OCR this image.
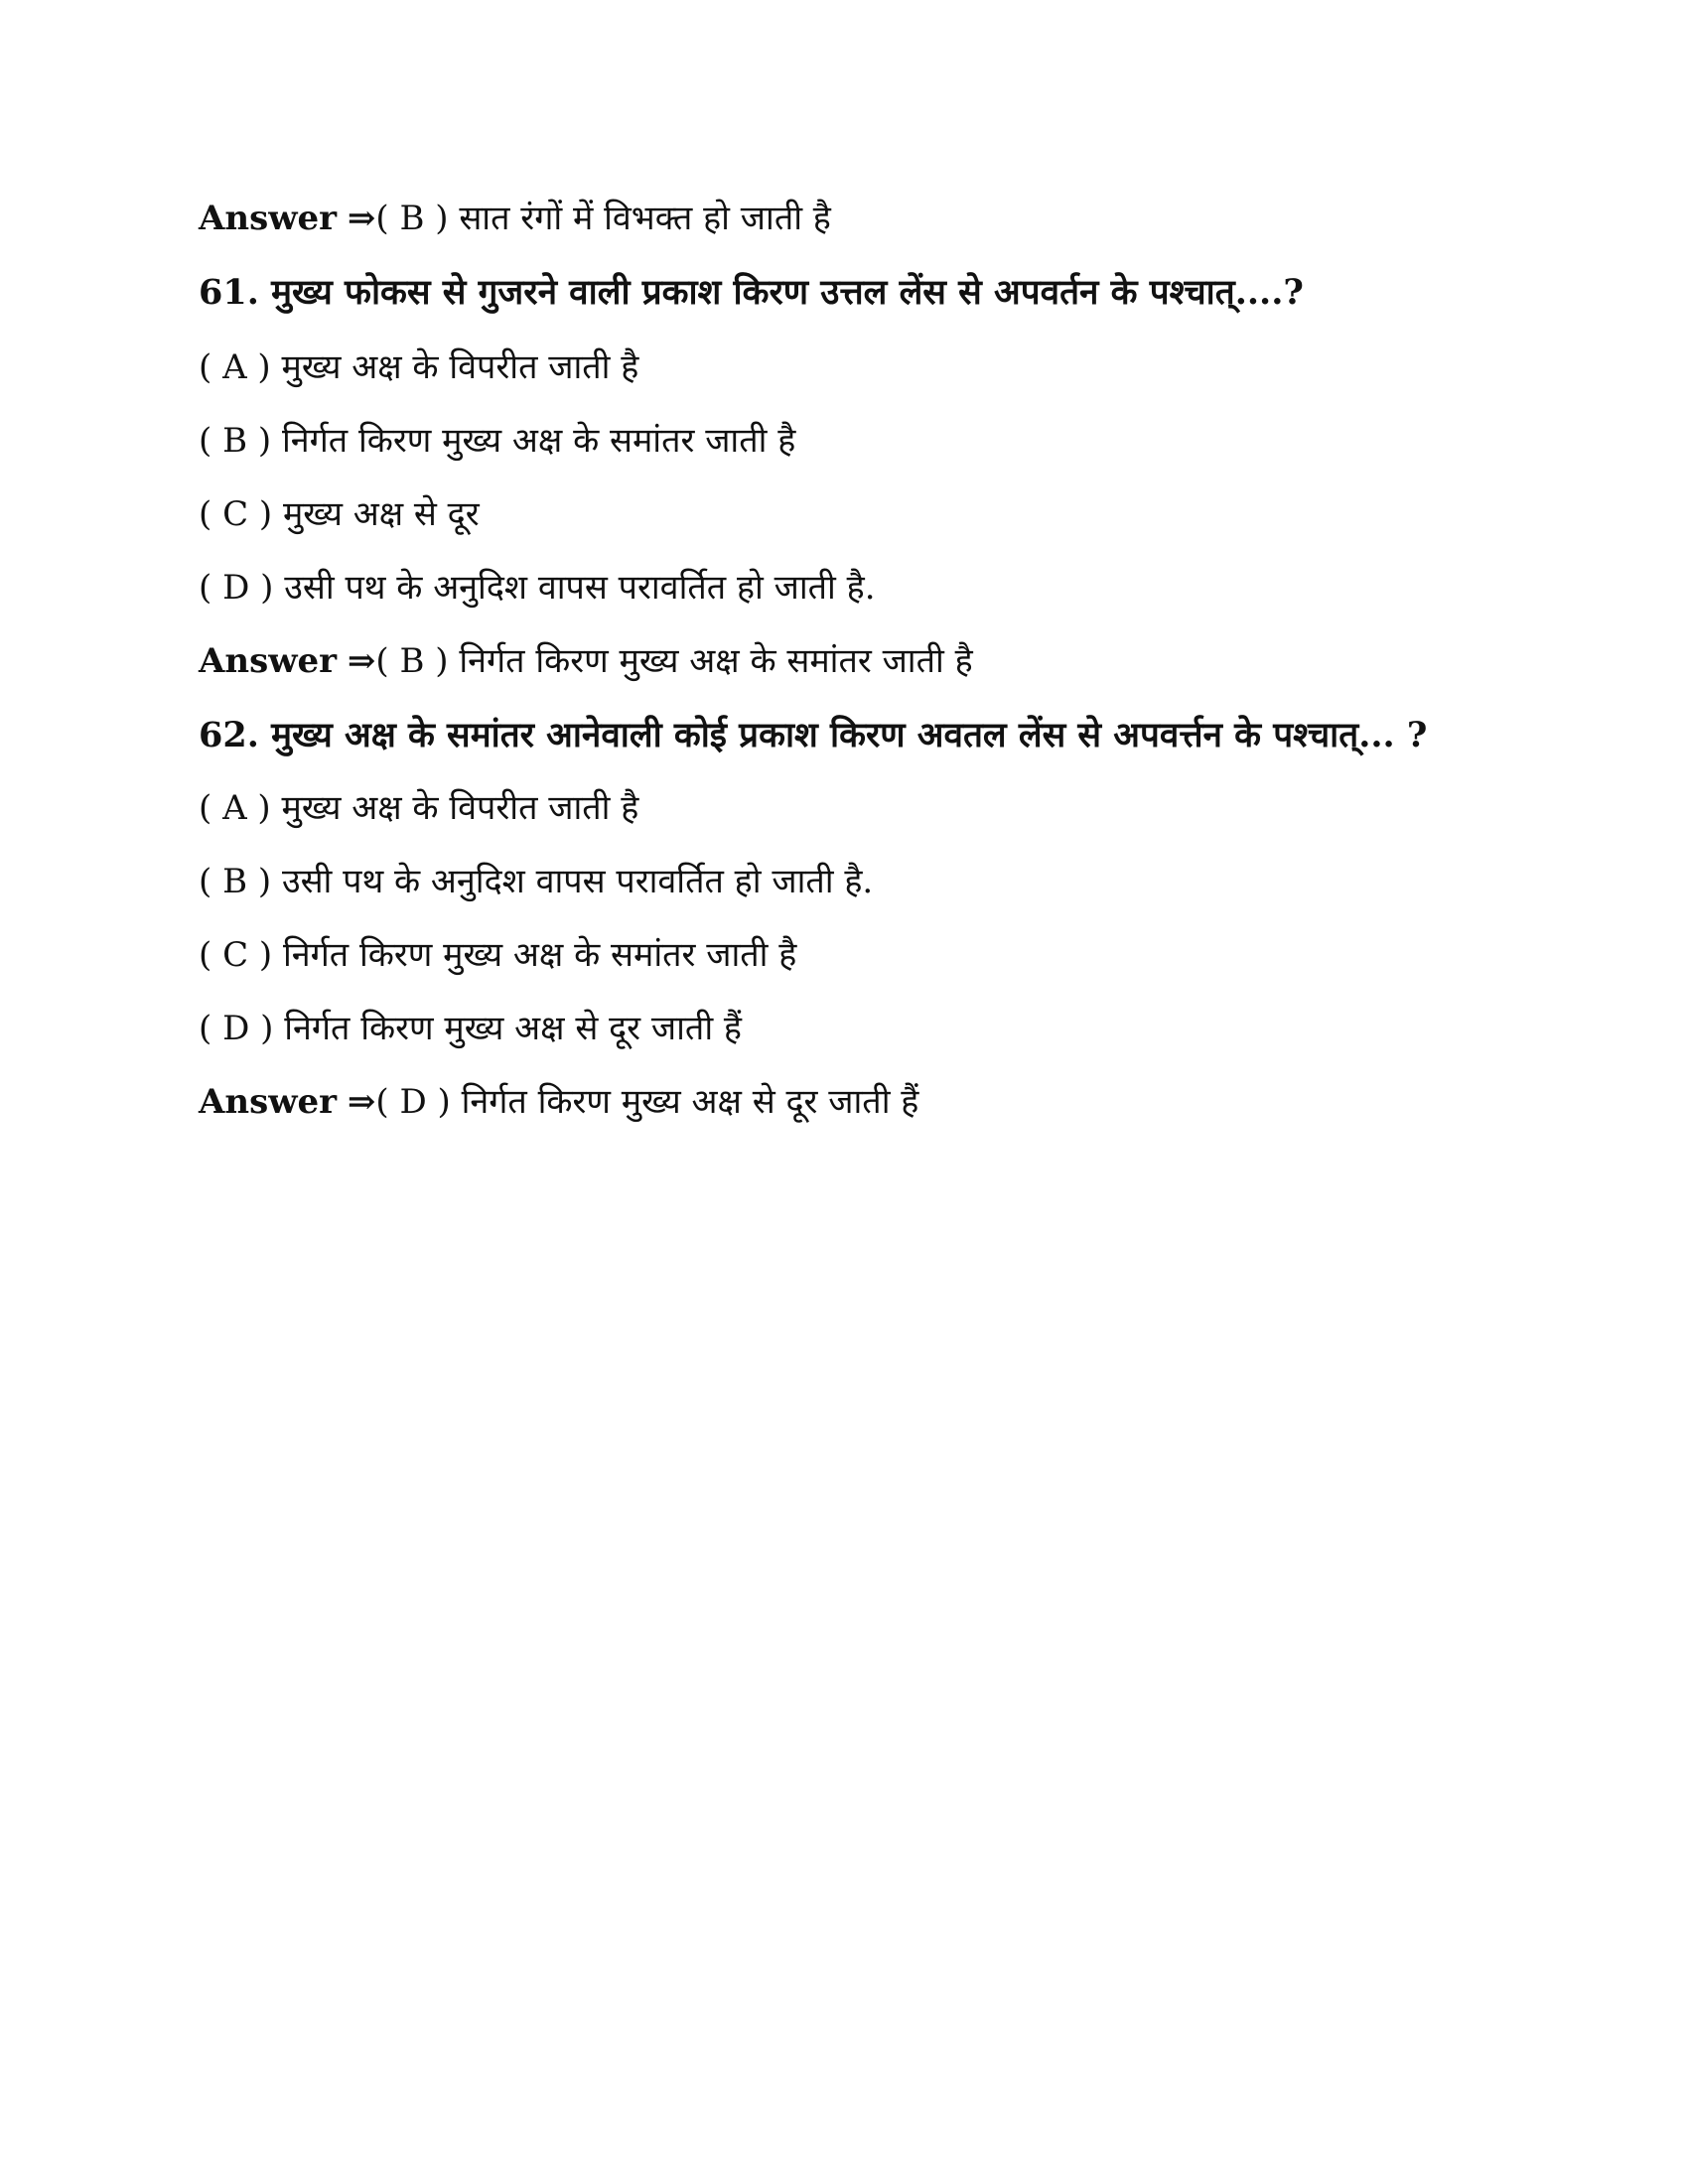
Answer ⇒( B ) सात रंगों में विभक्त हो जाती है
61. मुख्य फोकस से गुजरने वाली प्रकाश किरण उत्तल लेंस से अपवर्तन के पश्चात्....?
( A ) मुख्य अक्ष के विपरीत जाती है
( B ) निर्गत किरण मुख्य अक्ष के समांतर जाती है
( C ) मुख्य अक्ष से दूर
( D ) उसी पथ के अनुदिश वापस परावर्तित हो जाती है.
Answer ⇒( B ) निर्गत किरण मुख्य अक्ष के समांतर जाती है
62. मुख्य अक्ष के समांतर आनेवाली कोई प्रकाश किरण अवतल लेंस से अपवर्त्तन के पश्चात्... ?
( A ) मुख्य अक्ष के विपरीत जाती है
( B ) उसी पथ के अनुदिश वापस परावर्तित हो जाती है.
( C ) निर्गत किरण मुख्य अक्ष के समांतर जाती है
( D ) निर्गत किरण मुख्य अक्ष से दूर जाती हैं
Answer ⇒( D ) निर्गत किरण मुख्य अक्ष से दूर जाती हैं
